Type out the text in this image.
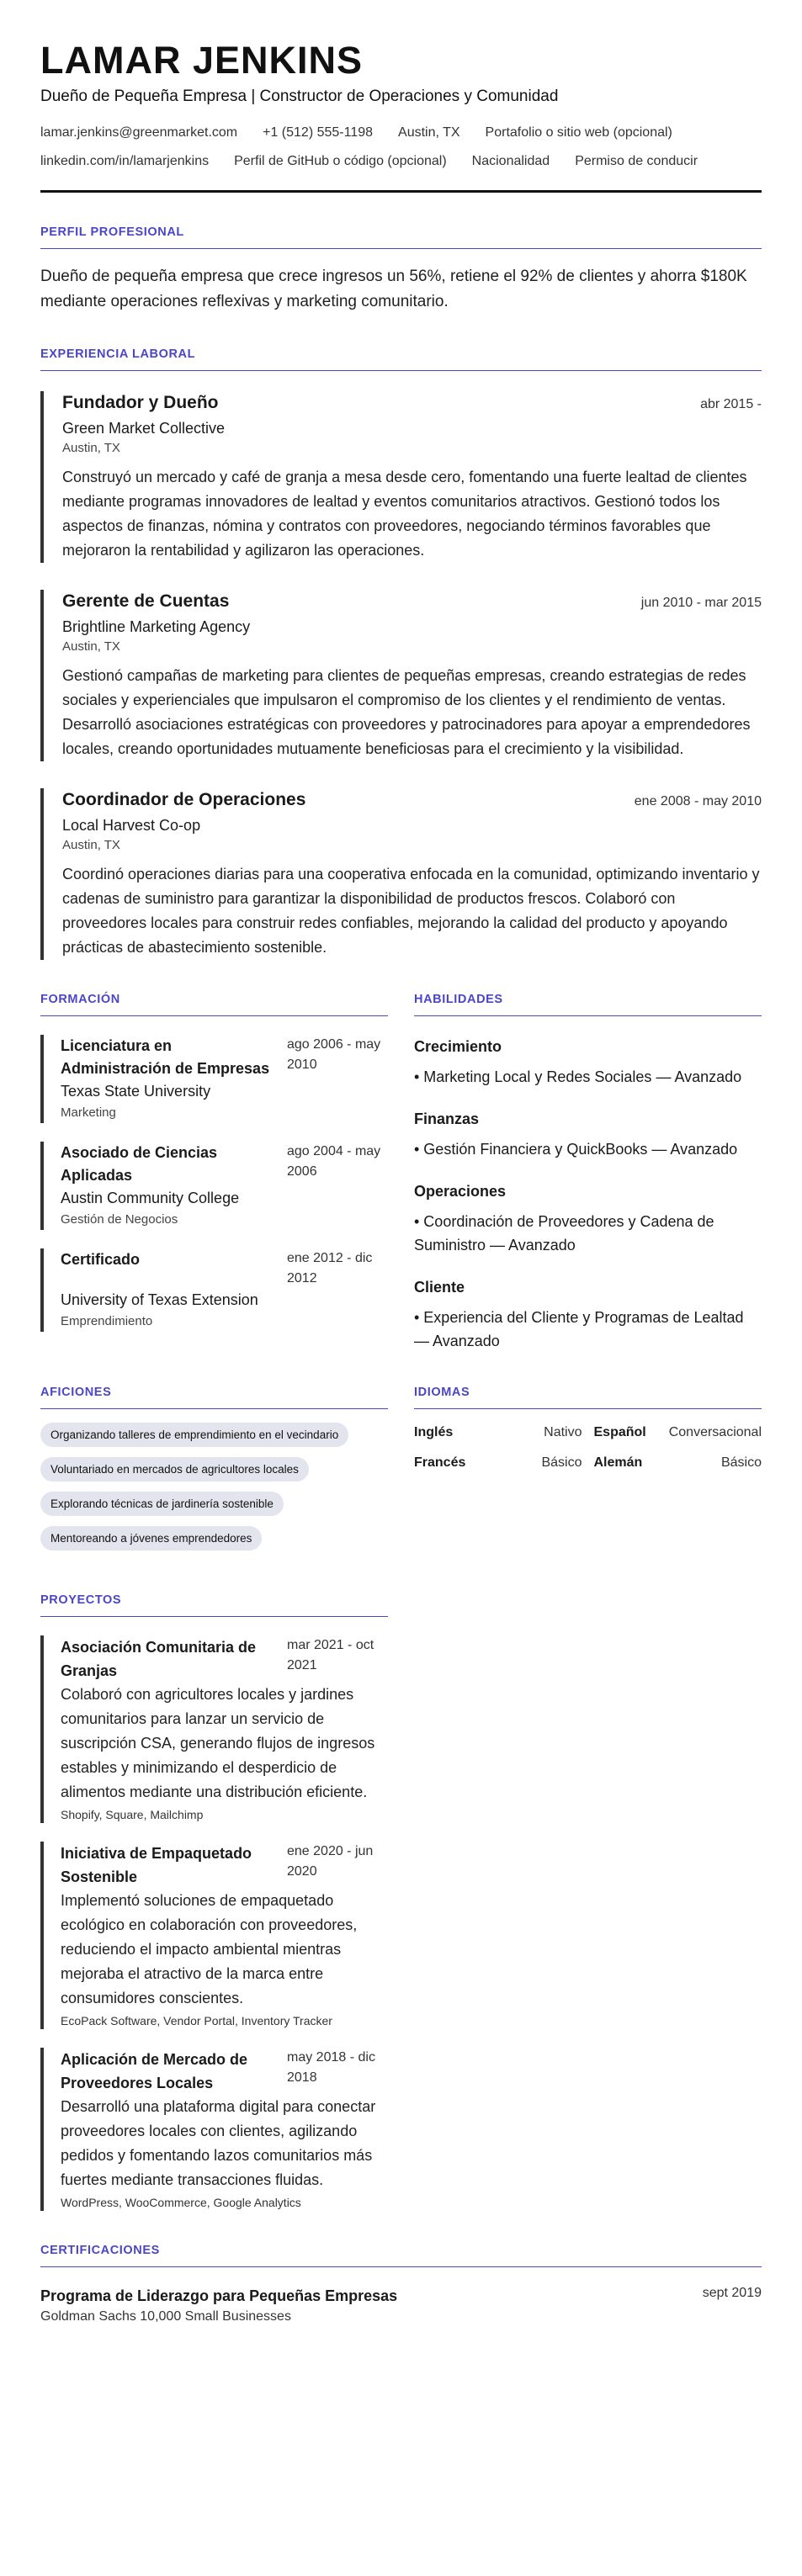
LAMAR JENKINS
Dueño de Pequeña Empresa | Constructor de Operaciones y Comunidad
lamar.jenkins@greenmarket.com +1 (512) 555-1198 Austin, TX Portafolio o sitio web (opcional)
linkedin.com/in/lamarjenkins Perfil de GitHub o código (opcional) Nacionalidad Permiso de conducir
PERFIL PROFESIONAL

Dueño de pequeña empresa que crece ingresos un 56%, retiene el 92% de clientes y ahorra $180K mediante operaciones reflexivas y marketing comunitario.

EXPERIENCIA LABORAL
Fundador y Dueño	abr 2015 -
Green Market Collective
Austin, TX

Construyó un mercado y café de granja a mesa desde cero, fomentando una fuerte lealtad de clientes mediante programas innovadores de lealtad y eventos comunitarios atractivos. Gestionó todos los aspectos de finanzas, nómina y contratos con proveedores, negociando términos favorables que mejoraron la rentabilidad y agilizaron las operaciones.

Gerente de Cuentas	jun 2010 - mar 2015
Brightline Marketing Agency
Austin, TX

Gestionó campañas de marketing para clientes de pequeñas empresas, creando estrategias de redes sociales y experienciales que impulsaron el compromiso de los clientes y el rendimiento de ventas. Desarrolló asociaciones estratégicas con proveedores y patrocinadores para apoyar a emprendedores locales, creando oportunidades mutuamente beneficiosas para el crecimiento y la visibilidad.

Coordinador de Operaciones	ene 2008 - may 2010
Local Harvest Co-op
Austin, TX

Coordinó operaciones diarias para una cooperativa enfocada en la comunidad, optimizando inventario y cadenas de suministro para garantizar la disponibilidad de productos frescos. Colaboró con proveedores locales para construir redes confiables, mejorando la calidad del producto y apoyando prácticas de abastecimiento sostenible.

FORMACIÓN
Licenciatura en Administración de Empresas
ago 2006 - may 2010
Texas State University
Marketing
Asociado de Ciencias Aplicadas
ago 2004 - may 2006
Austin Community College
Gestión de Negocios
Certificado	ene 2012 - dic 2012
University of Texas Extension
Emprendimiento
HABILIDADES
Crecimiento
• Marketing Local y Redes Sociales — Avanzado
Finanzas
• Gestión Financiera y QuickBooks — Avanzado
Operaciones
• Coordinación de Proveedores y Cadena de Suministro — Avanzado
Cliente
• Experiencia del Cliente y Programas de Lealtad — Avanzado
AFICIONES
Organizando talleres de emprendimiento en el vecindario
Voluntariado en mercados de agricultores locales
Explorando técnicas de jardinería sostenible
Mentoreando a jóvenes emprendedores
IDIOMAS
Inglés	Nativo Español Conversacional
Francés	Básico Alemán	Básico
PROYECTOS
Asociación Comunitaria de Granjas
mar 2021 - oct 2021

Colaboró con agricultores locales y jardines comunitarios para lanzar un servicio de suscripción CSA, generando flujos de ingresos estables y minimizando el desperdicio de alimentos mediante una distribución eficiente.

Shopify, Square, Mailchimp
Iniciativa de Empaquetado Sostenible
ene 2020 - jun 2020

Implementó soluciones de empaquetado ecológico en colaboración con proveedores, reduciendo el impacto ambiental mientras mejoraba el atractivo de la marca entre consumidores conscientes.

EcoPack Software, Vendor Portal, Inventory Tracker
Aplicación de Mercado de Proveedores Locales
may 2018 - dic 2018

Desarrolló una plataforma digital para conectar proveedores locales con clientes, agilizando pedidos y fomentando lazos comunitarios más fuertes mediante transacciones fluidas.

WordPress, WooCommerce, Google Analytics
CERTIFICACIONES
Programa de Liderazgo para Pequeñas Empresas
Goldman Sachs 10,000 Small Businesses
sept 2019
